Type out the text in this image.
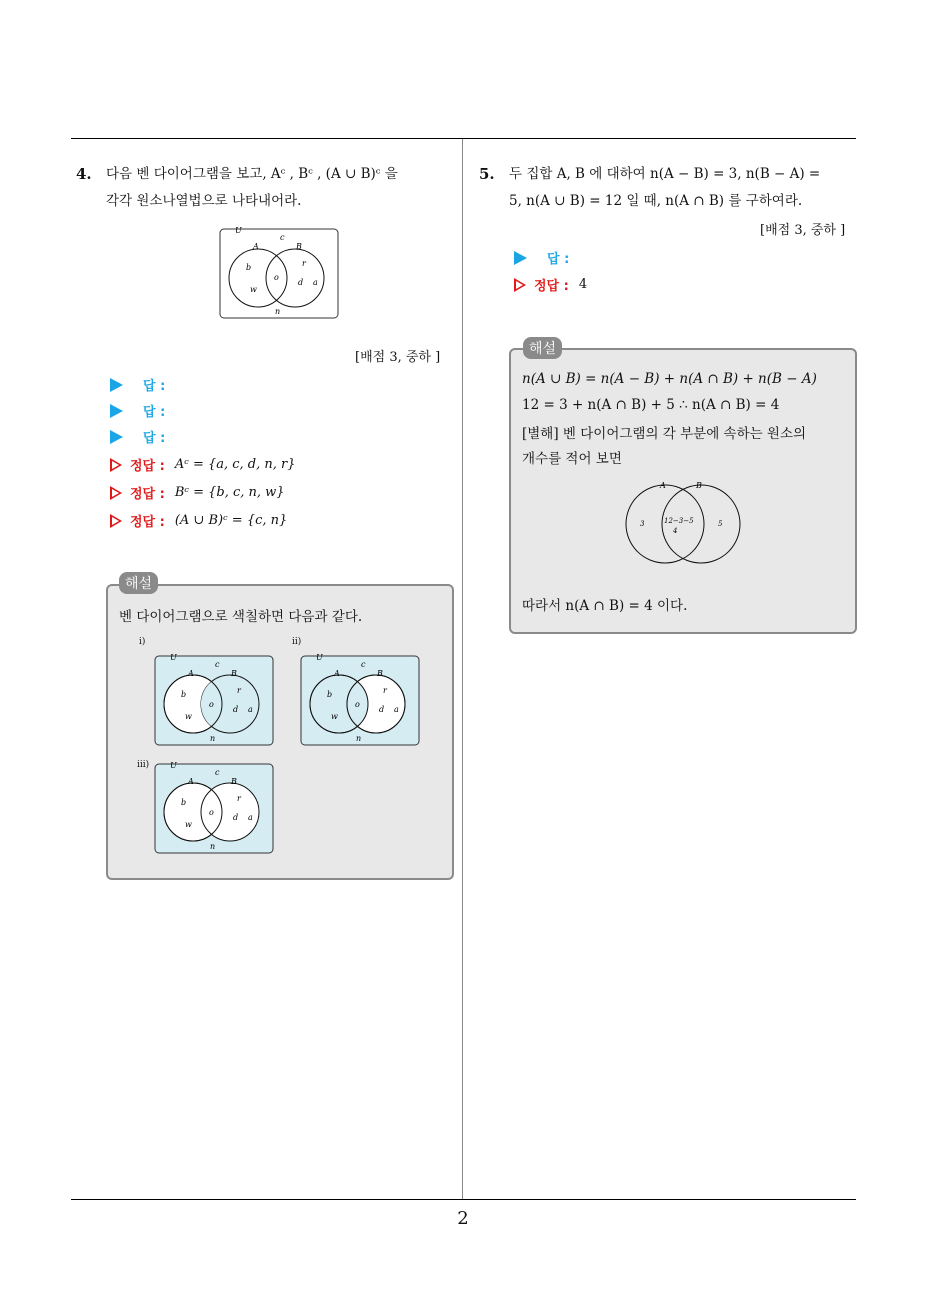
2
4. 다음 벤 다이어그램을 보고, Aᶜ , Bᶜ , (A ∪ B)ᶜ 을
각각 원소나열법으로 나타내어라.
U
c
A	B
b
w
o
r
d a
n
[배점 3, 중하 ]
답 :
답 :
답 :
정답 : Aᶜ = {a, c, d, n, r}
정답 : Bᶜ = {b, c, n, w}
정답 : (A ∪ B)ᶜ = {c, n}
해설
벤 다이어그램으로 색칠하면 다음과 같다.
i)
U
c
A	B
b
w
o
r
d a
n
ii)
U
c
A	B
b
w
o
r
d a
n
iii)	U
c
A	B
b
w
o
r
d a
n
5. 두 집합 A, B 에 대하여 n(A − B) = 3, n(B − A) =
5, n(A ∪ B) = 12 일 때, n(A ∩ B) 를 구하여라.
[배점 3, 중하 ]
답 :
정답 : 4
해설
n(A ∪ B) = n(A − B) + n(A ∩ B) + n(B − A)
12 = 3 + n(A ∩ B) + 5 ∴ n(A ∩ B) = 4
[별해] 벤 다이어그램의 각 부분에 속하는 원소의
개수를 적어 보면
A	B
3	12−3−5
4
5
따라서 n(A ∩ B) = 4 이다.
